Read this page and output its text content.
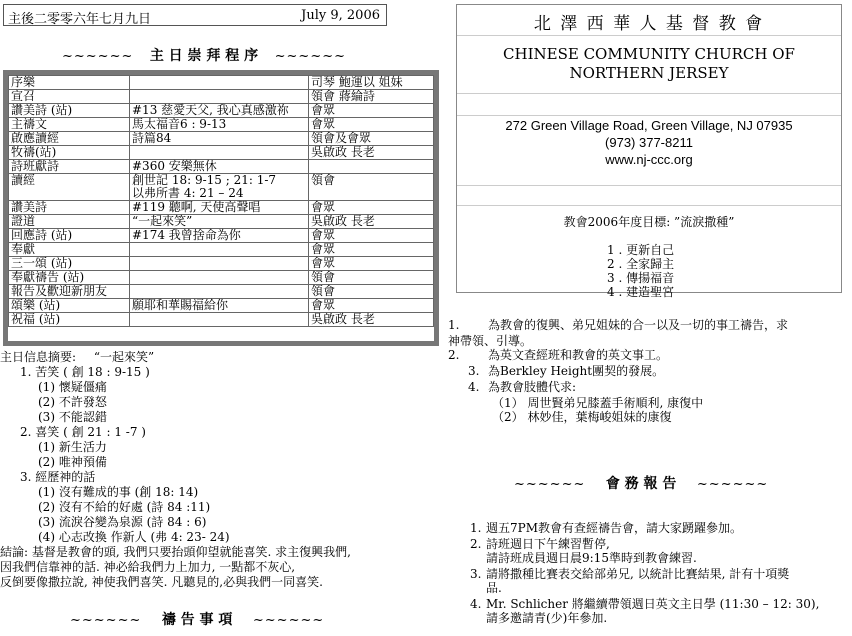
主後二零零六年七月九日	July 9, 2006
~~~~~~ 主 日 崇 拜 程 序 ~~~~~~
序樂		司琴 鮑運以 姐妹
宣召		領會 蔣綸詩
讚美詩 (站)	#13 慈愛天父, 我心真感激祢	會眾
主禱文	馬太福音6 : 9-13	會眾
啟應讀經	詩篇84	領會及會眾
牧禱(站)		吳啟政 長老
詩班獻詩	#360 安樂無休	

讀經	創世記 18: 9-15 ; 21: 1-7
以弗所書 4: 21 – 24	領會
讚美詩	#119 聽啊, 天使高聲唱	會眾
證道	“一起來笑”	吳啟政 長老
回應詩 (站)	#174 我曾捨命為你	會眾
奉獻		會眾
三一頌 (站)		會眾
奉獻禱告 (站)		領會
報告及歡迎新朋友		領會
頌樂 (站)	願耶和華賜福給你	會眾
祝福 (站)		吳啟政 長老
主日信息摘要: “一起來笑”
1. 苦笑 ( 創 18 : 9-15 )
(1) 懷疑僵痛
(2) 不許發怒
(3) 不能認錯
2. 喜笑 ( 創 21 : 1 -7 )
(1) 新生活力
(2) 唯神預備
3. 經歷神的話
(1) 沒有難成的事 (創 18: 14)
(2) 沒有不給的好處 (詩 84 :11)
(3) 流淚谷變為泉源 (詩 84 : 6)
(4) 心志改換 作新人 (弗 4: 23- 24)
結論: 基督是教會的頭, 我們只要抬頭仰望就能喜笑. 求主復興我們,
因我們信靠神的話. 神必給我們力上加力, 一點都不灰心,
反倒要像撒拉說, 神使我們喜笑. 凡聽見的,必與我們一同喜笑.
~~~~~~ 禱 告 事 項 ~~~~~~
北 澤 西 華 人 基 督 教 會
CHINESE COMMUNITY CHURCH OF
NORTHERN JERSEY
272 Green Village Road, Green Village, NJ 07935
(973) 377-8211
www.nj-ccc.org
教會2006年度目標: ”流淚撒種”
1 . 更新自己
2 . 全家歸主
3 . 傳揚福音
4 . 建造聖宮
1. 為教會的復興、弟兄姐妹的合一以及一切的事工禱告，求
神帶領、引導。
2. 為英文查經班和教會的英文事工。
3. 為Berkley Height團契的發展。
4. 為教會肢體代求:
（1） 周世賢弟兄膝蓋手術順利, 康復中
（2） 林妙佳，葉梅峻姐妹的康復
~~~~~~ 會 務 報 告 ~~~~~~
1. 週五7PM教會有查經禱告會，請大家踴躍參加。
2. 詩班週日下午練習暫停,
請詩班成員週日晨9:15準時到教會練習.
3. 請將撒種比賽表交給部弟兄, 以統計比賽結果, 計有十項獎
品.
4. Mr. Schlicher 將繼續帶領週日英文主日學 (11:30 – 12: 30),
請多邀請青(少)年參加.
